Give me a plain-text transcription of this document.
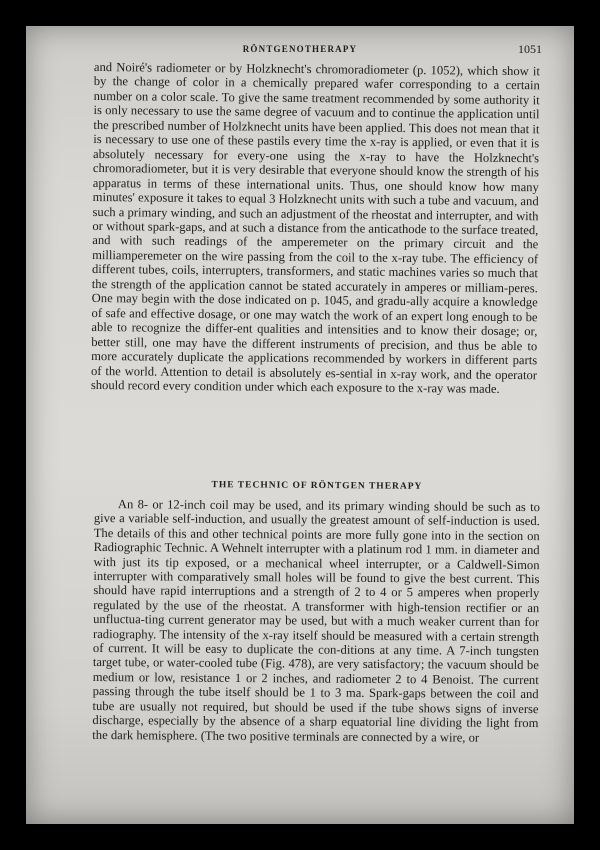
RÖNTGENOTHERAPY	1051

and Noiré's radiometer or by Holzknecht's chromoradiometer (p. 1052), which show it by the change of color in a chemically prepared wafer corresponding to a certain number on a color scale. To give the same treatment recommended by some authority it is only necessary to use the same degree of vacuum and to continue the application until the prescribed number of Holzknecht units have been applied. This does not mean that it is necessary to use one of these pastils every time the x-ray is applied, or even that it is absolutely necessary for every-one using the x-ray to have the Holzknecht's chromoradiometer, but it is very desirable that everyone should know the strength of his apparatus in terms of these international units. Thus, one should know how many minutes' exposure it takes to equal 3 Holzknecht units with such a tube and vacuum, and such a primary winding, and such an adjustment of the rheostat and interrupter, and with or without spark-gaps, and at such a distance from the anticathode to the surface treated, and with such readings of the amperemeter on the primary circuit and the milliamperemeter on the wire passing from the coil to the x-ray tube. The efficiency of different tubes, coils, interrupters, transformers, and static machines varies so much that the strength of the application cannot be stated accurately in amperes or milliam-peres. One may begin with the dose indicated on p. 1045, and gradu-ally acquire a knowledge of safe and effective dosage, or one may watch the work of an expert long enough to be able to recognize the differ-ent qualities and intensities and to know their dosage; or, better still, one may have the different instruments of precision, and thus be able to more accurately duplicate the applications recommended by workers in different parts of the world. Attention to detail is absolutely es-sential in x-ray work, and the operator should record every condition under which each exposure to the x-ray was made.

THE TECHNIC OF RÖNTGEN THERAPY

An 8- or 12-inch coil may be used, and its primary winding should be such as to give a variable self-induction, and usually the greatest amount of self-induction is used. The details of this and other technical points are more fully gone into in the section on Radiographic Technic. A Wehnelt interrupter with a platinum rod 1 mm. in diameter and with just its tip exposed, or a mechanical wheel interrupter, or a Caldwell-Simon interrupter with comparatively small holes will be found to give the best current. This should have rapid interruptions and a strength of 2 to 4 or 5 amperes when properly regulated by the use of the rheostat. A transformer with high-tension rectifier or an unfluctua-ting current generator may be used, but with a much weaker current than for radiography. The intensity of the x-ray itself should be measured with a certain strength of current. It will be easy to duplicate the con-ditions at any time. A 7-inch tungsten target tube, or water-cooled tube (Fig. 478), are very satisfactory; the vacuum should be medium or low, resistance 1 or 2 inches, and radiometer 2 to 4 Benoist. The current passing through the tube itself should be 1 to 3 ma. Spark-gaps between the coil and tube are usually not required, but should be used if the tube shows signs of inverse discharge, especially by the absence of a sharp equatorial line dividing the light from the dark hemisphere. (The two positive terminals are connected by a wire, or
